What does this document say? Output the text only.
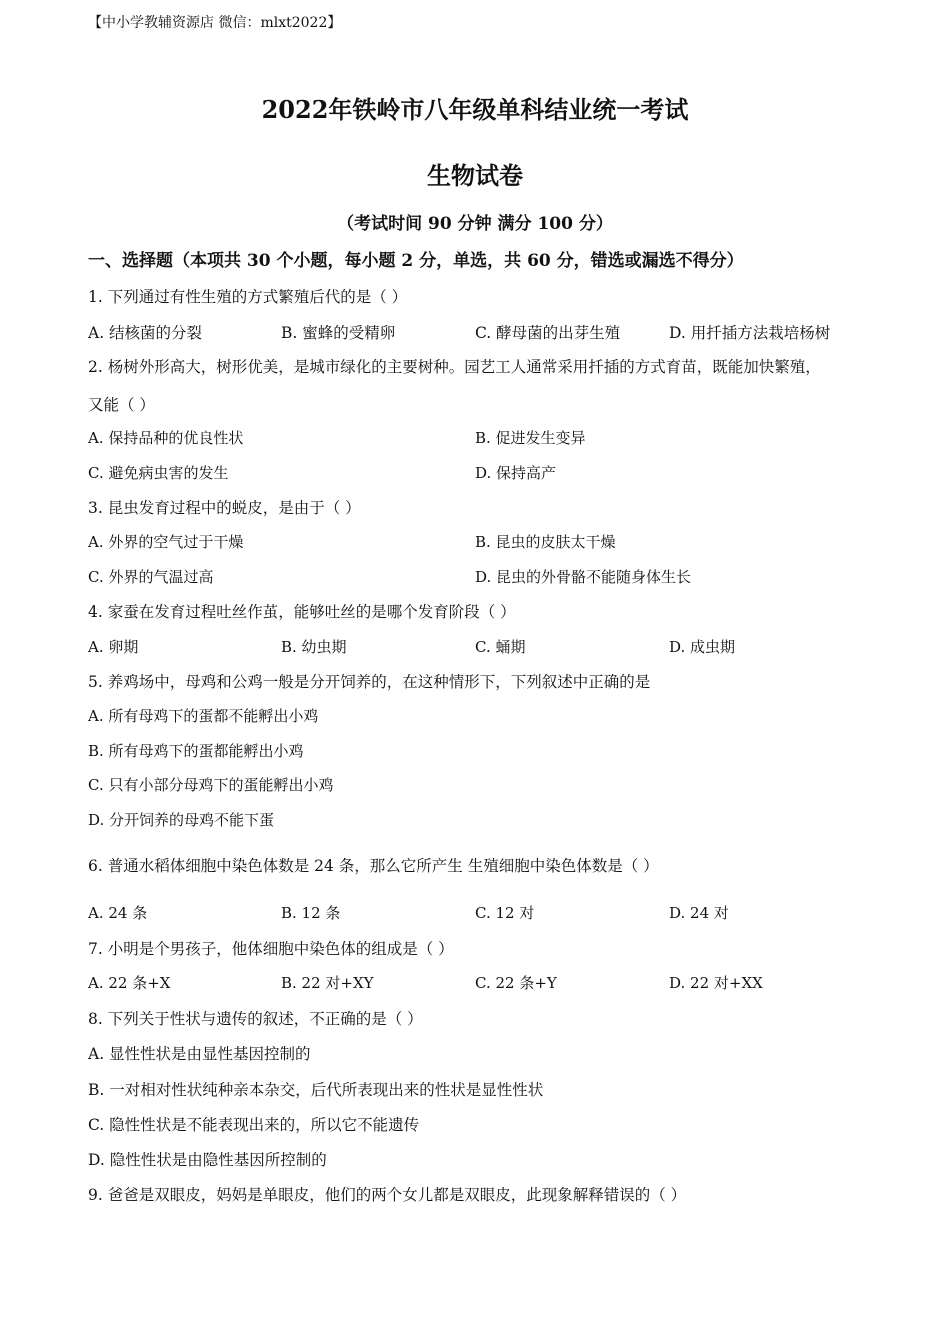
【中小学教辅资源店 微信：mlxt2022】
2022年铁岭市八年级单科结业统一考试
生物试卷
（考试时间 90 分钟 满分 100 分）
一、选择题（本项共 30 个小题，每小题 2 分，单选，共 60 分，错选或漏选不得分）
1. 下列通过有性生殖的方式繁殖后代的是（ ）
A. 结核菌的分裂	B. 蜜蜂的受精卵	C. 酵母菌的出芽生殖	D. 用扦插方法栽培杨树
2. 杨树外形高大，树形优美，是城市绿化的主要树种。园艺工人通常采用扦插的方式育苗，既能加快繁殖，
又能（ ）
A. 保持品种的优良性状	B. 促进发生变异
C. 避免病虫害的发生	D. 保持高产
3. 昆虫发育过程中的蜕皮，是由于（ ）
A. 外界的空气过于干燥	B. 昆虫的皮肤太干燥
C. 外界的气温过高	D. 昆虫的外骨骼不能随身体生长
4. 家蚕在发育过程吐丝作茧，能够吐丝的是哪个发育阶段（ ）
A. 卵期	B. 幼虫期	C. 蛹期	D. 成虫期
5. 养鸡场中，母鸡和公鸡一般是分开饲养的，在这种情形下，下列叙述中正确的是
A. 所有母鸡下的蛋都不能孵出小鸡
B. 所有母鸡下的蛋都能孵出小鸡
C. 只有小部分母鸡下的蛋能孵出小鸡
D. 分开饲养的母鸡不能下蛋
6. 普通水稻体细胞中染色体数是 24 条，那么它所产生 生殖细胞中染色体数是（ ）
A. 24 条	B. 12 条	C. 12 对	D. 24 对
7. 小明是个男孩子，他体细胞中染色体的组成是（ ）
A. 22 条+X	B. 22 对+XY	C. 22 条+Y	D. 22 对+XX
8. 下列关于性状与遗传的叙述，不正确的是（ ）
A. 显性性状是由显性基因控制的
B. 一对相对性状纯种亲本杂交，后代所表现出来的性状是显性性状
C. 隐性性状是不能表现出来的，所以它不能遗传
D. 隐性性状是由隐性基因所控制的
9. 爸爸是双眼皮，妈妈是单眼皮，他们的两个女儿都是双眼皮，此现象解释错误的（ ）
